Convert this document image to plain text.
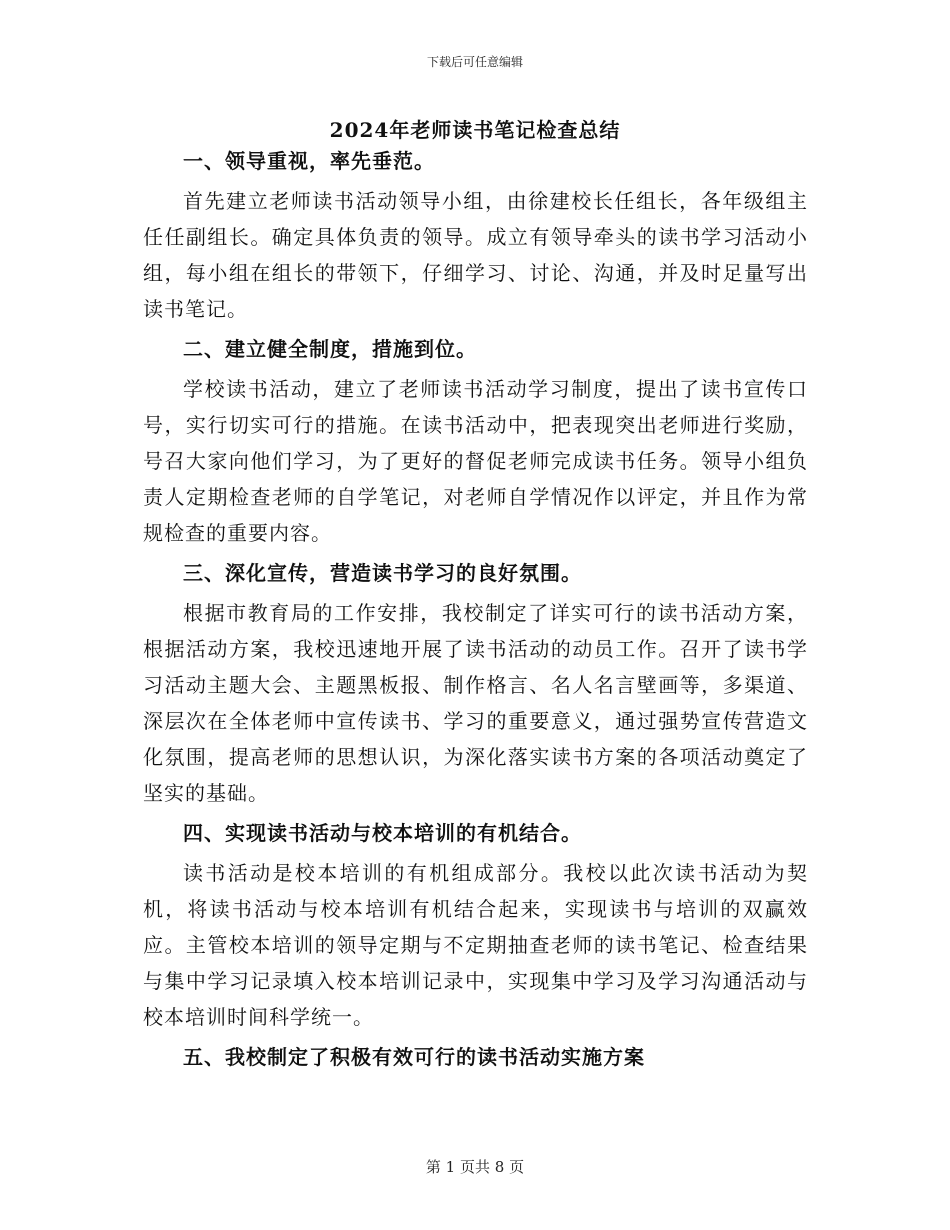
下载后可任意编辑
2024年老师读书笔记检查总结
一、领导重视，率先垂范。
首先建立老师读书活动领导小组，由徐建校长任组长，各年级组主任任副组长。确定具体负责的领导。成立有领导牵头的读书学习活动小组，每小组在组长的带领下，仔细学习、讨论、沟通，并及时足量写出读书笔记。
二、建立健全制度，措施到位。
学校读书活动，建立了老师读书活动学习制度，提出了读书宣传口号，实行切实可行的措施。在读书活动中，把表现突出老师进行奖励，号召大家向他们学习，为了更好的督促老师完成读书任务。领导小组负责人定期检查老师的自学笔记，对老师自学情况作以评定，并且作为常规检查的重要内容。
三、深化宣传，营造读书学习的良好氛围。
根据市教育局的工作安排，我校制定了详实可行的读书活动方案，根据活动方案，我校迅速地开展了读书活动的动员工作。召开了读书学习活动主题大会、主题黑板报、制作格言、名人名言壁画等，多渠道、深层次在全体老师中宣传读书、学习的重要意义，通过强势宣传营造文化氛围，提高老师的思想认识，为深化落实读书方案的各项活动奠定了坚实的基础。
四、实现读书活动与校本培训的有机结合。
读书活动是校本培训的有机组成部分。我校以此次读书活动为契机，将读书活动与校本培训有机结合起来，实现读书与培训的双赢效应。主管校本培训的领导定期与不定期抽查老师的读书笔记、检查结果与集中学习记录填入校本培训记录中，实现集中学习及学习沟通活动与校本培训时间科学统一。
五、我校制定了积极有效可行的读书活动实施方案
第 1 页共 8 页
